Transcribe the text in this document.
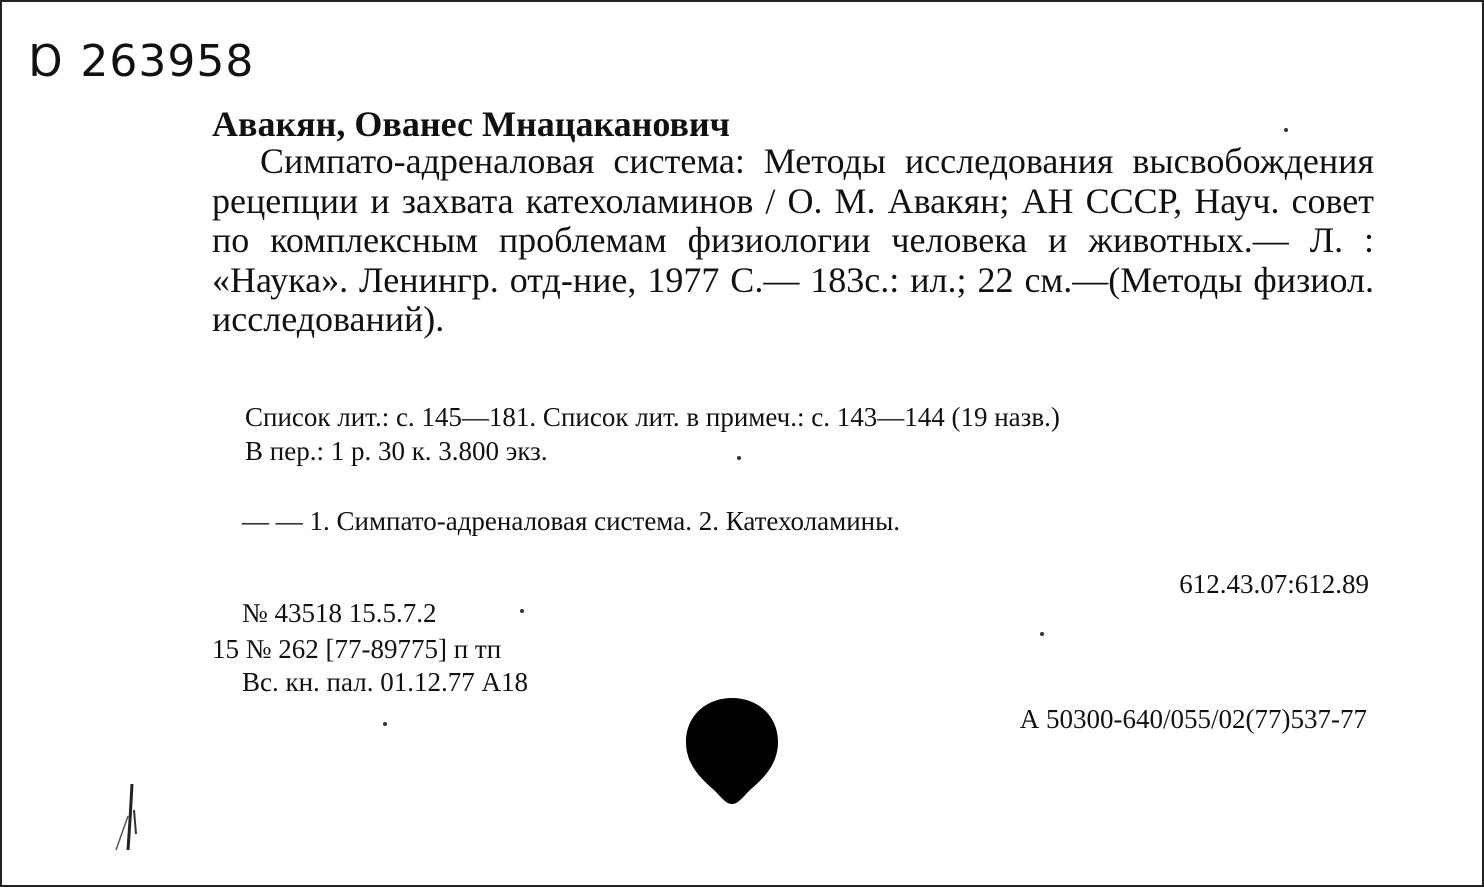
Ɒ 263958
Авакян, Ованес Мнацаканович
Симпато-адреналовая система: Методы исследования высвобождения рецепции и захвата катехоламинов / О. М. Авакян; АН СССР, Науч. совет по комплексным проблемам физиологии человека и животных.— Л. : «Наука». Ленингр. отд-ние, 1977 С.— 183с.: ил.; 22 см.—(Методы физиол. исследований).
Список лит.: с. 145—181. Список лит. в примеч.: с. 143—144 (19 назв.)
В пер.: 1 р. 30 к. 3.800 экз.
— — 1. Симпато-адреналовая система. 2. Катехоламины.
612.43.07:612.89
№ 43518 15.5.7.2
15 № 262 [77-89775] п тп
Вс. кн. пал. 01.12.77 А18
А 50300-640/055/02(77)537-77
